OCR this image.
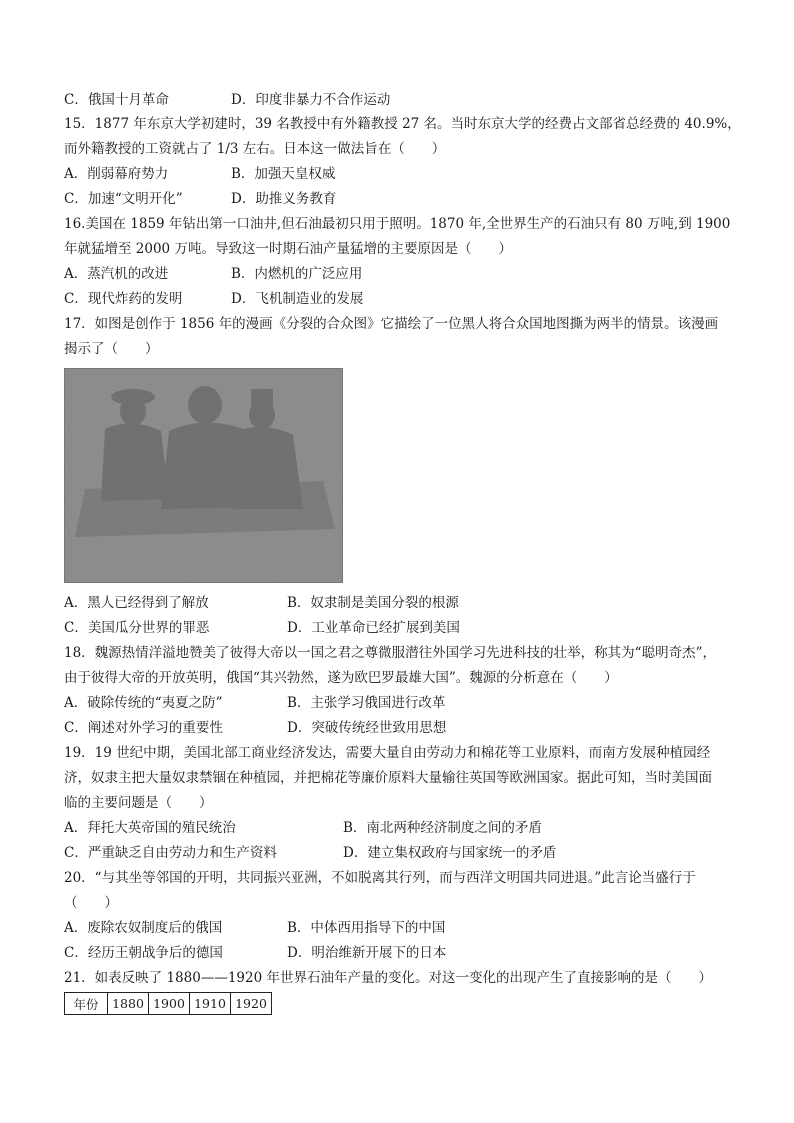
C．俄国十月革命	D．印度非暴力不合作运动
15．1877 年东京大学初建时，39 名教授中有外籍教授 27 名。当时东京大学的经费占文部省总经费的 40.9%，
而外籍教授的工资就占了 1/3 左右。日本这一做法旨在（　　）
A．削弱幕府势力	B．加强天皇权威
C．加速“文明开化”	D．助推义务教育
16.美国在 1859 年钻出第一口油井,但石油最初只用于照明。1870 年,全世界生产的石油只有 80 万吨,到 1900
年就猛增至 2000 万吨。导致这一时期石油产量猛增的主要原因是（　　）
A．蒸汽机的改进	B．内燃机的广泛应用
C．现代炸药的发明	D．飞机制造业的发展
17．如图是创作于 1856 年的漫画《分裂的合众图》它描绘了一位黑人将合众国地图撕为两半的情景。该漫画
揭示了（　　）
A．黑人已经得到了解放	B．奴隶制是美国分裂的根源
C．美国瓜分世界的罪恶	D．工业革命已经扩展到美国
18．魏源热情洋溢地赞美了彼得大帝以一国之君之尊微服潜往外国学习先进科技的壮举，称其为“聪明奇杰”，
由于彼得大帝的开放英明，俄国“其兴勃然，遂为欧巴罗最雄大国”。魏源的分析意在（　　）
A．破除传统的“夷夏之防”	B．主张学习俄国进行改革
C．阐述对外学习的重要性	D．突破传统经世致用思想
19．19 世纪中期，美国北部工商业经济发达，需要大量自由劳动力和棉花等工业原料，而南方发展种植园经
济，奴隶主把大量奴隶禁锢在种植园，并把棉花等廉价原料大量输往英国等欧洲国家。据此可知，当时美国面
临的主要问题是（　　）
A．拜托大英帝国的殖民统治	B．南北两种经济制度之间的矛盾
C．严重缺乏自由劳动力和生产资料	D．建立集权政府与国家统一的矛盾
20．“与其坐等邻国的开明，共同振兴亚洲，不如脱离其行列，而与西洋文明国共同进退。”此言论当盛行于
（　　）
A．废除农奴制度后的俄国	B．中体西用指导下的中国
C．经历王朝战争后的德国	D．明治维新开展下的日本
21．如表反映了 1880——1920 年世界石油年产量的变化。对这一变化的出现产生了直接影响的是（　　）
年份	1880	1900	1910	1920
